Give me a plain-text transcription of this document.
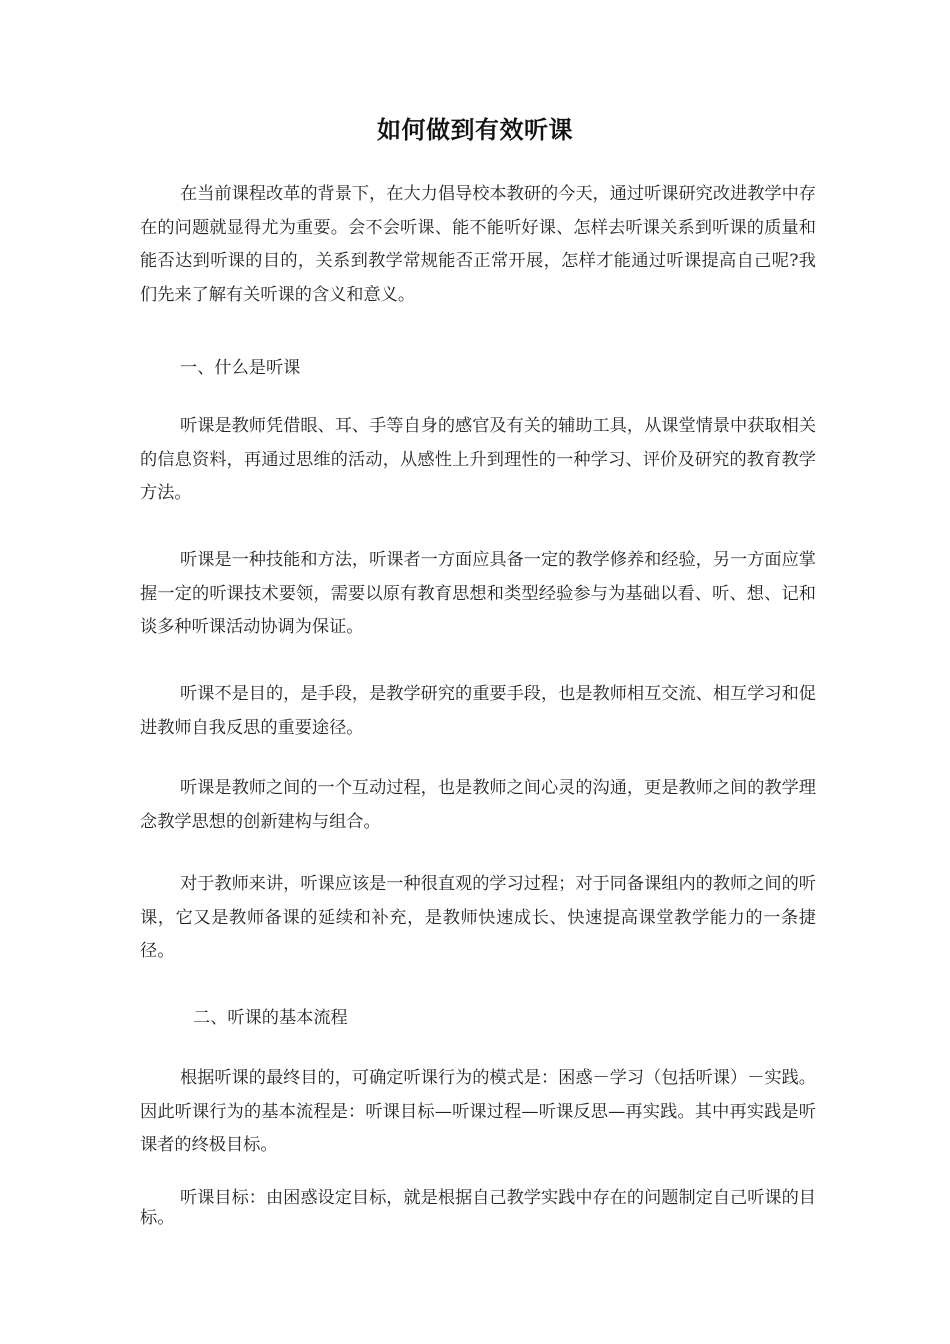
如何做到有效听课

在当前课程改革的背景下，在大力倡导校本教研的今天，通过听课研究改进教学中存在的问题就显得尤为重要。会不会听课、能不能听好课、怎样去听课关系到听课的质量和能否达到听课的目的，关系到教学常规能否正常开展，怎样才能通过听课提高自己呢?我们先来了解有关听课的含义和意义。

一、什么是听课

听课是教师凭借眼、耳、手等自身的感官及有关的辅助工具，从课堂情景中获取相关的信息资料，再通过思维的活动，从感性上升到理性的一种学习、评价及研究的教育教学方法。

听课是一种技能和方法，听课者一方面应具备一定的教学修养和经验，另一方面应掌握一定的听课技术要领，需要以原有教育思想和类型经验参与为基础以看、听、想、记和谈多种听课活动协调为保证。

听课不是目的，是手段，是教学研究的重要手段，也是教师相互交流、相互学习和促进教师自我反思的重要途径。

听课是教师之间的一个互动过程，也是教师之间心灵的沟通，更是教师之间的教学理念教学思想的创新建构与组合。

对于教师来讲，听课应该是一种很直观的学习过程；对于同备课组内的教师之间的听课，它又是教师备课的延续和补充，是教师快速成长、快速提高课堂教学能力的一条捷径。

二、听课的基本流程

根据听课的最终目的，可确定听课行为的模式是：困惑－学习（包括听课）－实践。因此听课行为的基本流程是：听课目标—听课过程—听课反思—再实践。其中再实践是听课者的终极目标。

听课目标：由困惑设定目标，就是根据自己教学实践中存在的问题制定自己听课的目标。
